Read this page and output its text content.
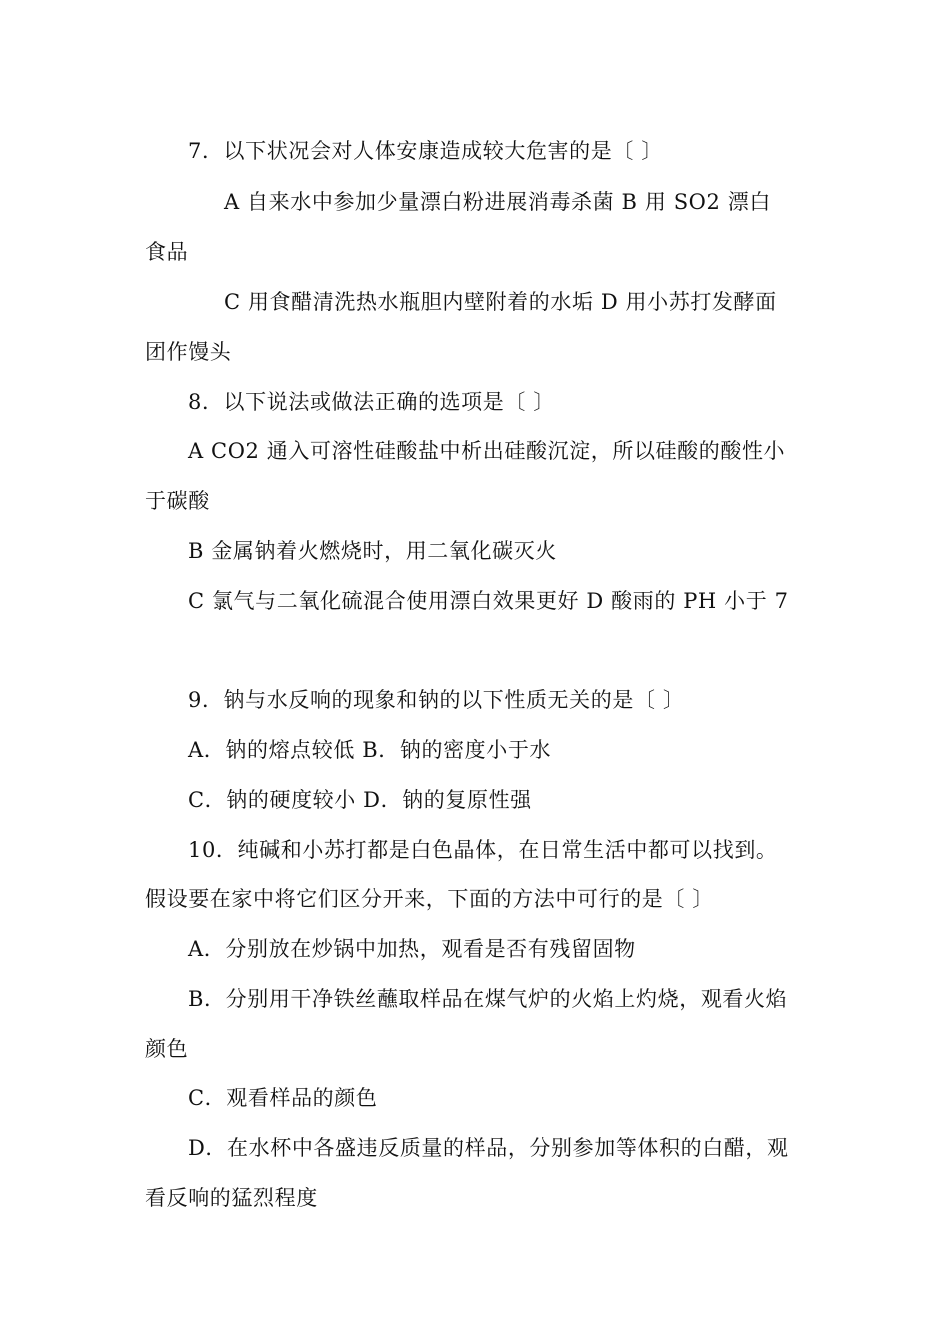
7．以下状况会对人体安康造成较大危害的是〔 〕
A 自来水中参加少量漂白粉进展消毒杀菌 B 用 SO2 漂白
食品
C 用食醋清洗热水瓶胆内壁附着的水垢 D 用小苏打发酵面
团作馒头
8．以下说法或做法正确的选项是〔 〕
A CO2 通入可溶性硅酸盐中析出硅酸沉淀，所以硅酸的酸性小
于碳酸
B 金属钠着火燃烧时，用二氧化碳灭火
C 氯气与二氧化硫混合使用漂白效果更好 D 酸雨的 PH 小于 7
9．钠与水反响的现象和钠的以下性质无关的是〔 〕
A．钠的熔点较低 B．钠的密度小于水
C．钠的硬度较小 D．钠的复原性强
10．纯碱和小苏打都是白色晶体，在日常生活中都可以找到。
假设要在家中将它们区分开来，下面的方法中可行的是〔 〕
A．分别放在炒锅中加热，观看是否有残留固物
B．分别用干净铁丝蘸取样品在煤气炉的火焰上灼烧，观看火焰
颜色
C．观看样品的颜色
D．在水杯中各盛违反质量的样品，分别参加等体积的白醋，观
看反响的猛烈程度
